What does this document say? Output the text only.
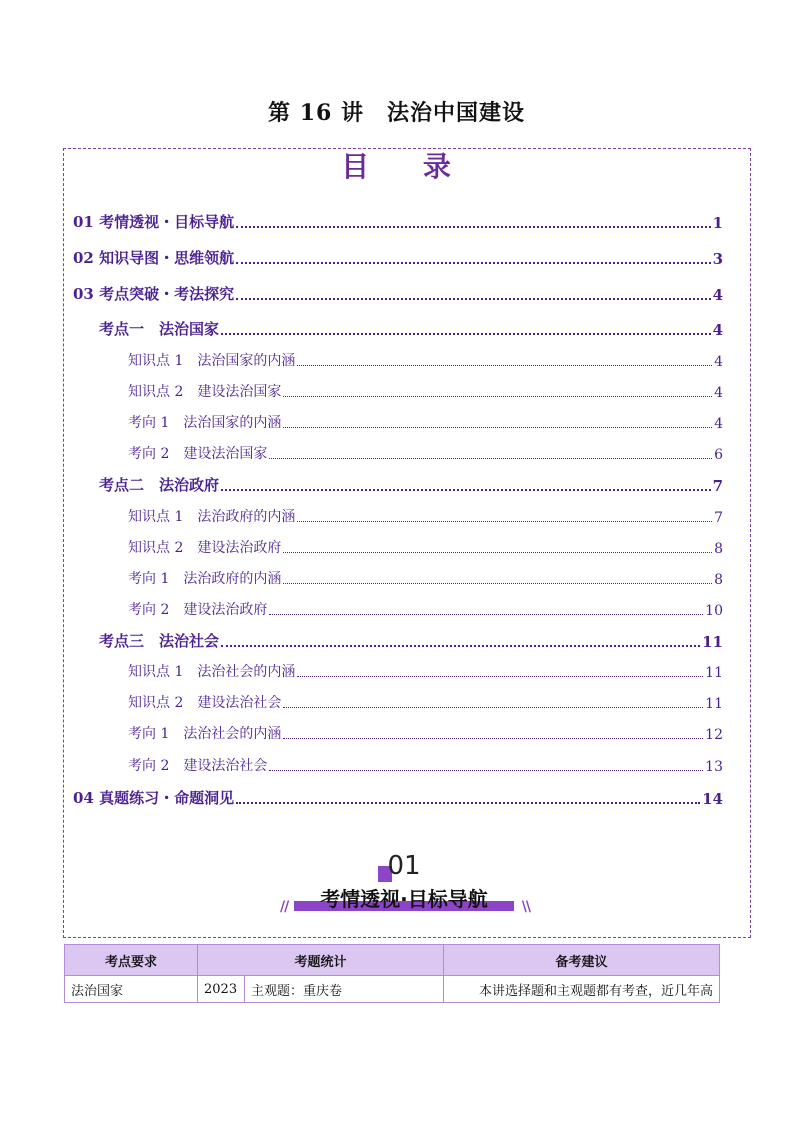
第 16 讲　法治中国建设
目 录
01 考情透视・目标导航	1
02 知识导图・思维领航	3
03 考点突破・考法探究	4
考点一　法治国家	4
知识点 1　法治国家的内涵	4
知识点 2　建设法治国家	4
考向 1　法治国家的内涵	4
考向 2　建设法治国家	6
考点二　法治政府	7
知识点 1　法治政府的内涵	7
知识点 2　建设法治政府	8
考向 1　法治政府的内涵	8
考向 2　建设法治政府	10
考点三　法治社会	11
知识点 1　法治社会的内涵	11
知识点 2　建设法治社会	11
考向 1　法治社会的内涵	12
考向 2　建设法治社会	13
04 真题练习・命题洞见	14
01
考情透视·目标导航
//	\\
考点要求	考题统计		备考建议
法治国家	2023	主观题：重庆卷	本讲选择题和主观题都有考查，近几年高
